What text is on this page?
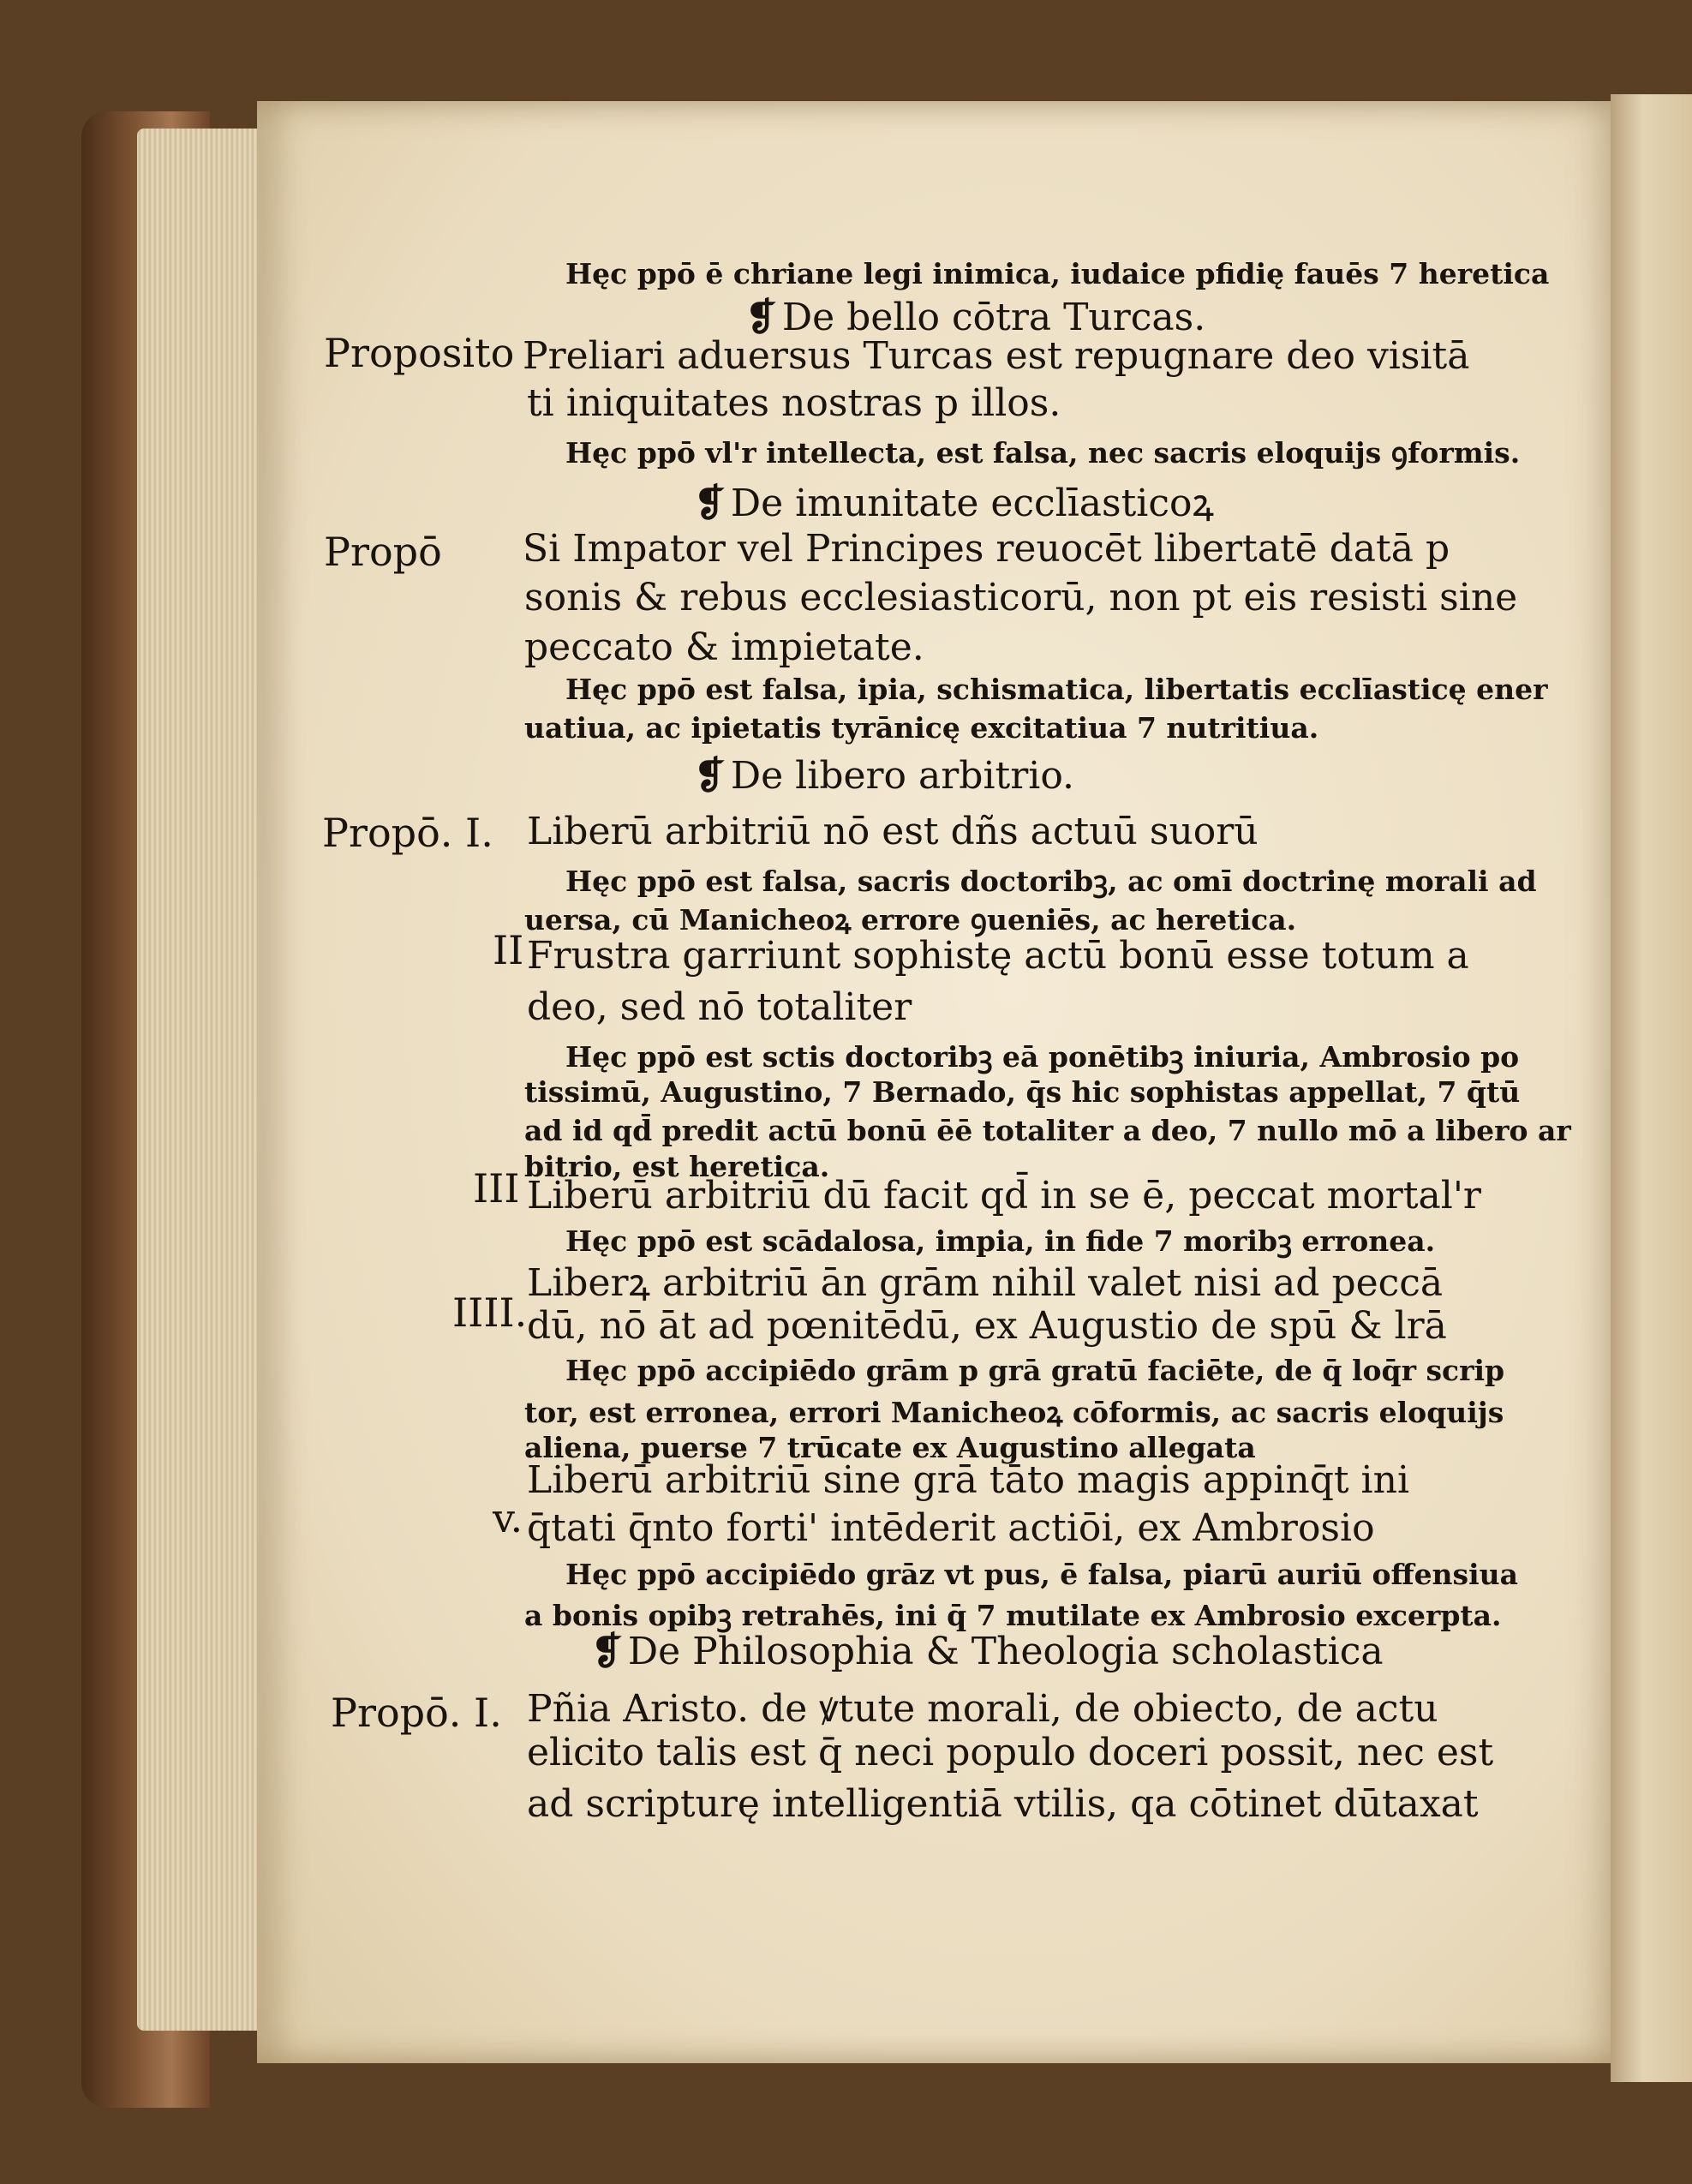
Proposito
Propō
Propō. I.
II
III
IIII.
v.
Propō. I.
Hęc ppō ē chriane legi inimica, iudaice pfidię fauēs 7 heretica
❡ De bello cōtra Turcas.
Preliari aduersus Turcas est repugnare deo visitā
ti iniquitates nostras p illos.
Hęc ppō vl'r intellecta, est falsa, nec sacris eloquijs ꝯformis.
❡ De imunitate ecclīasticoꝝ
Si Impator vel Principes reuocēt libertatē datā p
sonis & rebus ecclesiasticorū, non pt eis resisti sine
peccato & impietate.
Hęc ppō est falsa, ipia, schismatica, libertatis ecclīasticę ener
uatiua, ac ipietatis tyrānicę excitatiua 7 nutritiua.
❡ De libero arbitrio.
Liberū arbitriū nō est dñs actuū suorū
Hęc ppō est falsa, sacris doctoribꝫ, ac omī doctrinę morali ad
uersa, cū Manicheoꝝ errore ꝯueniēs, ac heretica.
Frustra garriunt sophistę actū bonū esse totum a
deo, sed nō totaliter
Hęc ppō est sctis doctoribꝫ eā ponētibꝫ iniuria, Ambrosio po
tissimū, Augustino, 7 Bernado, q̄s hic sophistas appellat, 7 q̄tū
ad id qd̄ predit actū bonū ēē totaliter a deo, 7 nullo mō a libero ar
bitrio, est heretica.
Liberū arbitriū dū facit qd̄ in se ē, peccat mortal'r
Hęc ppō est scādalosa, impia, in fide 7 moribꝫ erronea.
Liberꝝ arbitriū ān grām nihil valet nisi ad peccā
dū, nō āt ad pœnitēdū, ex Augustio de spū & lrā
Hęc ppō accipiēdo grām p grā gratū faciēte, de q̄ loq̄r scrip
tor, est erronea, errori Manicheoꝝ cōformis, ac sacris eloquijs
aliena, puerse 7 trūcate ex Augustino allegata
Liberū arbitriū sine grā tāto magis appinq̄t ini
q̄tati q̄nto forti' intēderit actiōi, ex Ambrosio
Hęc ppō accipiēdo grāz vt pus, ē falsa, piarū auriū offensiua
a bonis opibꝫ retrahēs, ini q̄ 7 mutilate ex Ambrosio excerpta.
❡ De Philosophia & Theologia scholastica
Pñia Aristo. de ꝟtute morali, de obiecto, de actu
elicito talis est q̄ neci populo doceri possit, nec est
ad scripturę intelligentiā vtilis, qa cōtinet dūtaxat
